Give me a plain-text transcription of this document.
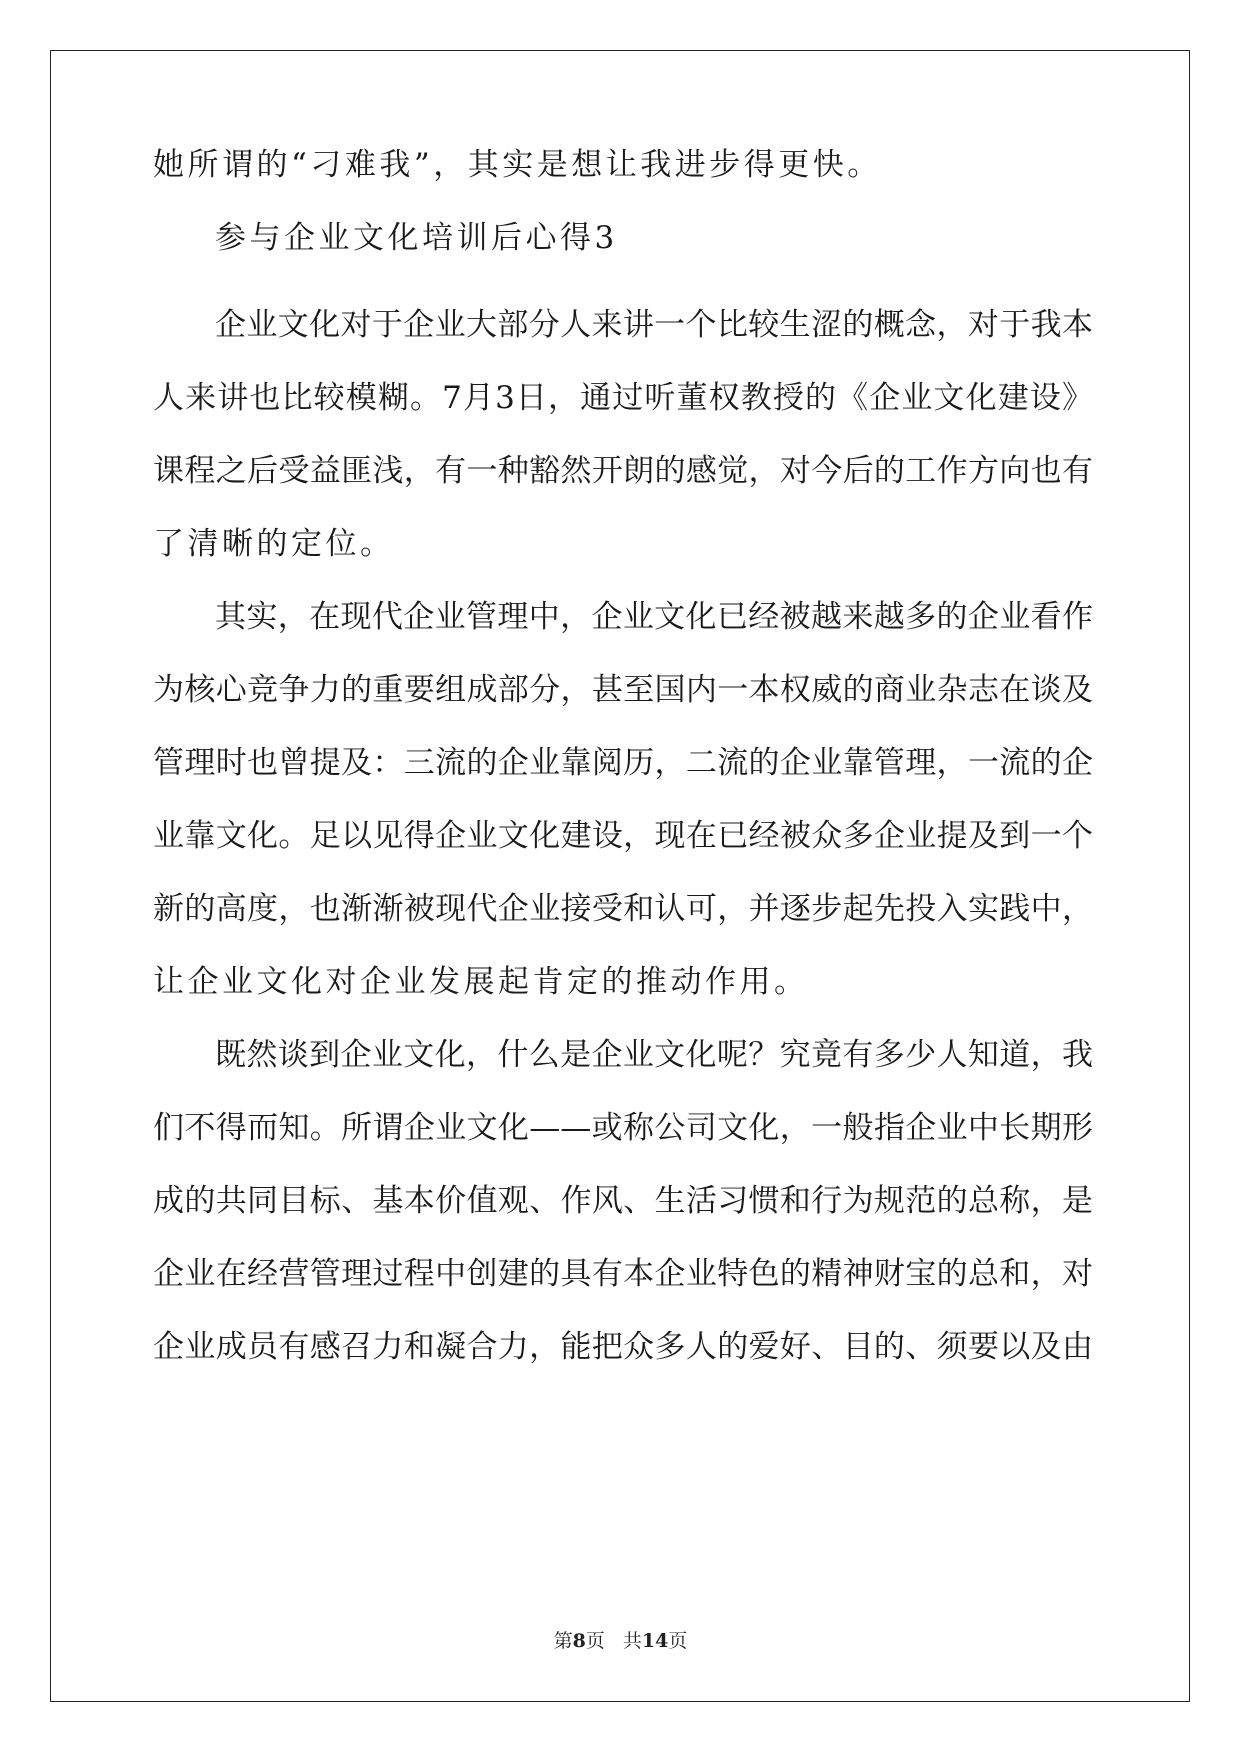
她所谓的“刁难我”，其实是想让我进步得更快。
参与企业文化培训后心得3
企业文化对于企业大部分人来讲一个比较生涩的概念，对于我本
人来讲也比较模糊。7月3日，通过听董权教授的《企业文化建设》
课程之后受益匪浅，有一种豁然开朗的感觉，对今后的工作方向也有
了清晰的定位。
其实，在现代企业管理中，企业文化已经被越来越多的企业看作
为核心竞争力的重要组成部分，甚至国内一本权威的商业杂志在谈及
管理时也曾提及：三流的企业靠阅历，二流的企业靠管理，一流的企
业靠文化。足以见得企业文化建设，现在已经被众多企业提及到一个
新的高度，也渐渐被现代企业接受和认可，并逐步起先投入实践中，
让企业文化对企业发展起肯定的推动作用。
既然谈到企业文化，什么是企业文化呢？究竟有多少人知道，我
们不得而知。所谓企业文化——或称公司文化，一般指企业中长期形
成的共同目标、基本价值观、作风、生活习惯和行为规范的总称，是
企业在经营管理过程中创建的具有本企业特色的精神财宝的总和，对
企业成员有感召力和凝合力，能把众多人的爱好、目的、须要以及由
第8页 共14页
